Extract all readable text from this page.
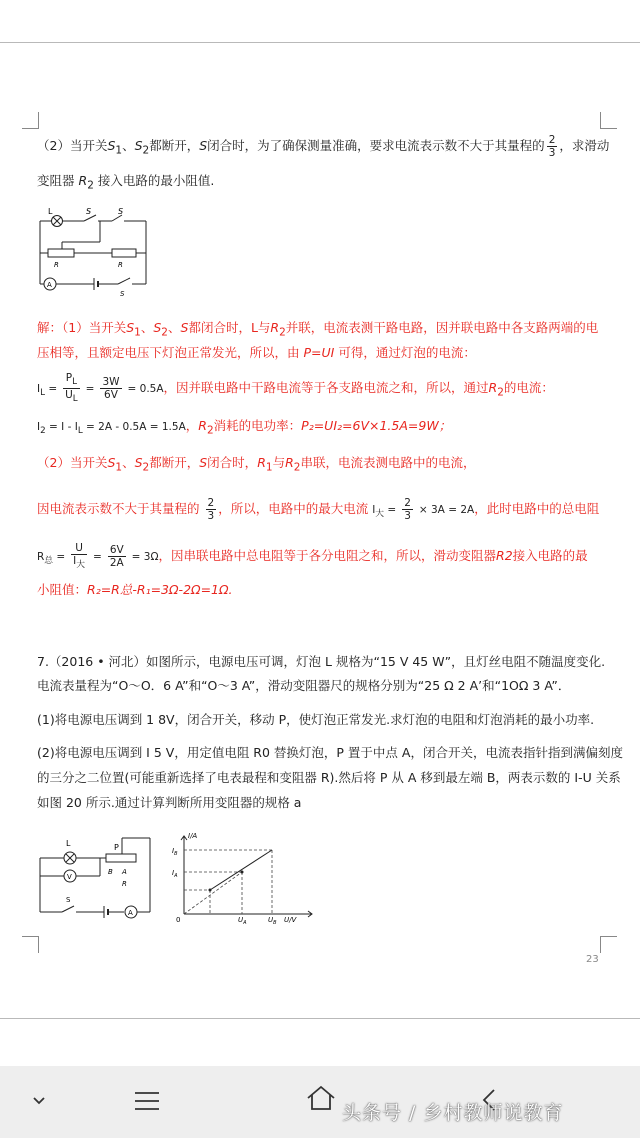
（2）当开关$S_1$、$S_2$都断开，S闭合时，为了确保测量准确，要求电流表示数不大于其量程的 $\frac{2}{3}$ ，求滑动
变阻器 $R_2$ 接入电路的最小阻值.
L	S	S
R	R
A
S
解：（1）当开关$S_1$、$S_2$、S都闭合时，L与$R_2$并联，电流表测干路电路，因并联电路中各支路两端的电
压相等，且额定电压下灯泡正常发光，所以，由 P=UI 可得，通过灯泡的电流：
$I_L = \frac{P_L}{U_L} = \frac{3W}{6V} = 0.5A$，因并联电路中干路电流等于各支路电流之和，所以，通过$R_2$的电流：
$I_2 = I - I_L = 2A - 0.5A = 1.5A$，$R_2$消耗的电功率：P₂=UI₂=6V×1.5A=9W；
（2）当开关$S_1$、$S_2$都断开，S闭合时，$R_1$与$R_2$串联，电流表测电路中的电流，
因电流表示数不大于其量程的 $\frac{2}{3}$ ，所以，电路中的最大电流 $I_大 = \frac{2}{3} \times 3A = 2A$，此时电路中的总电阻
$R_总 = \frac{U}{I_大} = \frac{6V}{2A} = 3\Omega$，因串联电路中总电阻等于各分电阻之和，所以，滑动变阻器R2接入电路的最
小阻值：R₂=R总-R₁=3Ω-2Ω=1Ω.
7.（2016 • 河北）如图所示，电源电压可调，灯泡 L 规格为“15 V 45 W”，且灯丝电阻不随温度变化.
电流表量程为“O～O．6 A”和“O～3 A”，滑动变阻器尺的规格分别为“25 Ω 2 A’和“1OΩ 3 A”．
(1)将电源电压调到 1 8V，闭合开关，移动 P，使灯泡正常发光.求灯泡的电阻和灯泡消耗的最小功率.
(2)将电源电压调到 I 5 V，用定值电阻 R0 替换灯泡，P 置于中点 A，闭合开关，电流表指针指到满偏刻度
的三分之二位置(可能重新选择了电表最程和变阻器 R).然后将 P 从 A 移到最左端 B，两表示数的 I-U 关系
如图 20 所示.通过计算判断所用变阻器的规格 a
L	P
V
B A
R
S
A
I/A
U/V
0
$I_B$
$I_A$
$U_A$	$U_B$
23
头条号 / 乡村教师说教育
